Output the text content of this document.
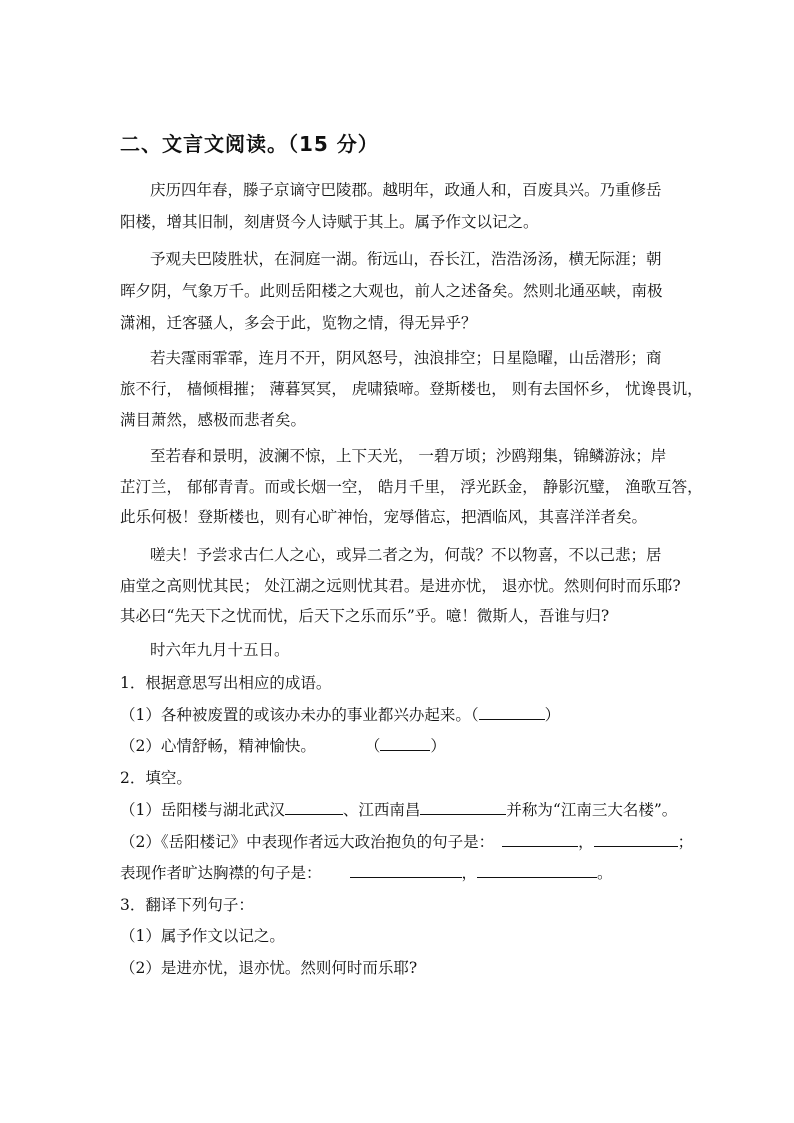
二、文言文阅读。（15 分）
庆历四年春，滕子京谪守巴陵郡。越明年，政通人和，百废具兴。乃重修岳
阳楼，增其旧制，刻唐贤今人诗赋于其上。属予作文以记之。
予观夫巴陵胜状，在洞庭一湖。衔远山，吞长江，浩浩汤汤，横无际涯；朝
晖夕阴，气象万千。此则岳阳楼之大观也，前人之述备矣。然则北通巫峡，南极
潇湘，迁客骚人，多会于此，览物之情，得无异乎？
若夫霪雨霏霏，连月不开，阴风怒号，浊浪排空；日星隐曜，山岳潜形；商
旅不行， 樯倾楫摧； 薄暮冥冥， 虎啸猿啼。登斯楼也， 则有去国怀乡， 忧谗畏讥，
满目萧然，感极而悲者矣。
至若春和景明，波澜不惊，上下天光， 一碧万顷；沙鸥翔集，锦鳞游泳；岸
芷汀兰， 郁郁青青。而或长烟一空， 皓月千里， 浮光跃金， 静影沉璧， 渔歌互答，
此乐何极！登斯楼也，则有心旷神怡，宠辱偕忘，把酒临风，其喜洋洋者矣。
嗟夫！予尝求古仁人之心，或异二者之为，何哉？不以物喜，不以己悲；居
庙堂之高则忧其民； 处江湖之远则忧其君。是进亦忧， 退亦忧。然则何时而乐耶?
其必曰“先天下之忧而忧，后天下之乐而乐”乎。噫！微斯人，吾谁与归?
时六年九月十五日。
1．根据意思写出相应的成语。
（1）各种被废置的或该办未办的事业都兴办起来。（	）
（2）心情舒畅，精神愉快。	（	）
2．填空。
（1）岳阳楼与湖北武汉	、江西南昌	并称为“江南三大名楼”。
（2）《岳阳楼记》中表现作者远大政治抱负的句子是：	，	；
表现作者旷达胸襟的句子是：	，	。
3．翻译下列句子：
（1）属予作文以记之。
（2）是进亦忧，退亦忧。然则何时而乐耶?
